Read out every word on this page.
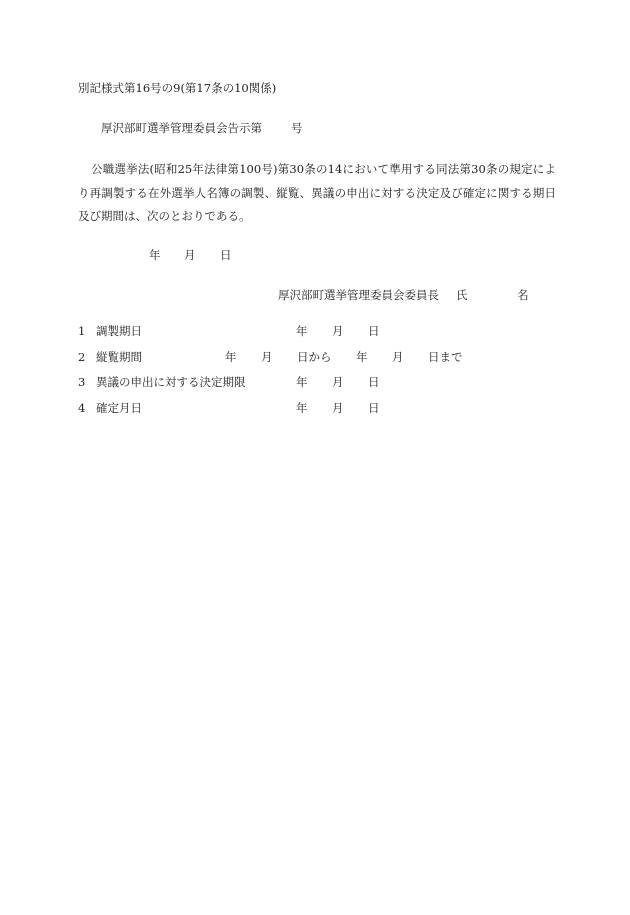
別記様式第16号の9(第17条の10関係)
厚沢部町選挙管理委員会告示第	号
公職選挙法(昭和25年法律第100号)第30条の14において準用する同法第30条の規定により再調製する在外選挙人名簿の調製、縦覧、異議の申出に対する決定及び確定に関する期日及び期間は、次のとおりである。
年 月 日
厚沢部町選挙管理委員会委員長 氏	名
1 調製期日	年 月 日
2 縦覧期間	年 月 日から 年 月 日まで
3 異議の申出に対する決定期限	年 月 日
4 確定月日	年 月 日
